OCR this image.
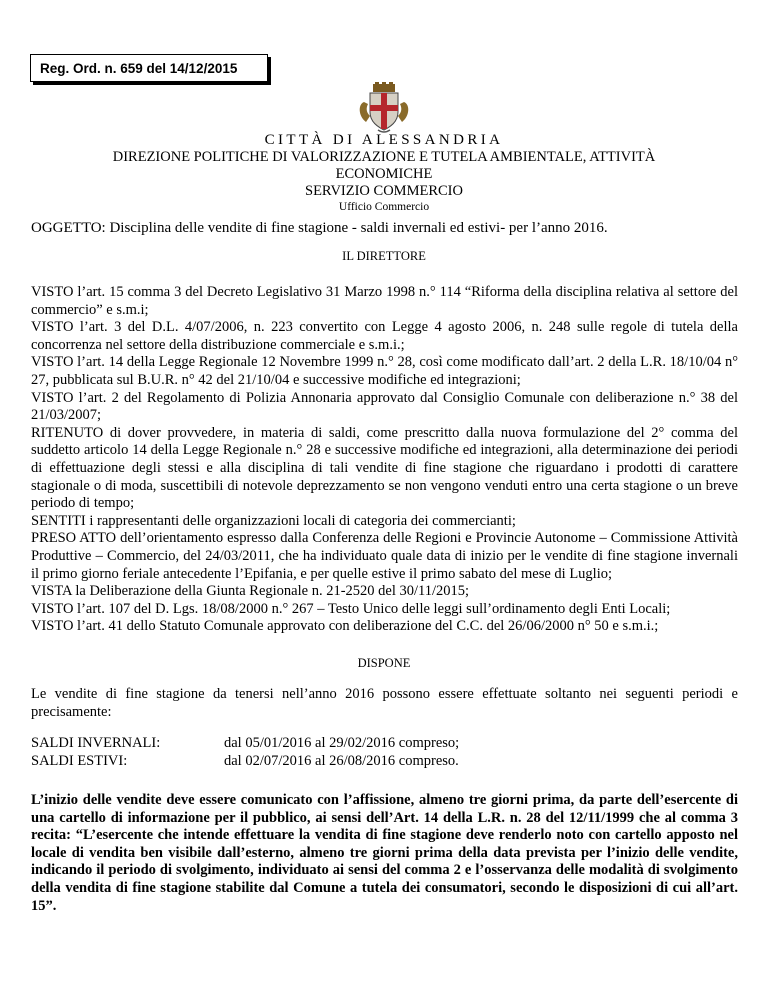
Reg. Ord. n. 659 del 14/12/2015
CITTÀ DI ALESSANDRIA
DIREZIONE POLITICHE DI VALORIZZAZIONE E TUTELA AMBIENTALE, ATTIVITÀ
ECONOMICHE
SERVIZIO COMMERCIO
Ufficio Commercio
OGGETTO: Disciplina delle vendite di fine stagione - saldi invernali ed estivi- per l’anno 2016.
IL DIRETTORE

VISTO l’art. 15 comma 3 del Decreto Legislativo 31 Marzo 1998 n.° 114 “Riforma della disciplina relativa al settore del commercio” e s.m.i;

VISTO l’art. 3 del D.L. 4/07/2006, n. 223 convertito con Legge 4 agosto 2006, n. 248 sulle regole di tutela della concorrenza nel settore della distribuzione commerciale e s.m.i.;

VISTO l’art. 14 della Legge Regionale 12 Novembre 1999 n.° 28, così come modificato dall’art. 2 della L.R. 18/10/04 n° 27, pubblicata sul B.U.R. n° 42 del 21/10/04 e successive modifiche ed integrazioni;

VISTO l’art. 2 del Regolamento di Polizia Annonaria approvato dal Consiglio Comunale con deliberazione n.° 38 del 21/03/2007;

RITENUTO di dover provvedere, in materia di saldi, come prescritto dalla nuova formulazione del 2° comma del suddetto articolo 14 della Legge Regionale n.° 28 e successive modifiche ed integrazioni, alla determinazione dei periodi di effettuazione degli stessi e alla disciplina di tali vendite di fine stagione che riguardano i prodotti di carattere stagionale o di moda, suscettibili di notevole deprezzamento se non vengono venduti entro una certa stagione o un breve periodo di tempo;

SENTITI i rappresentanti delle organizzazioni locali di categoria dei commercianti;

PRESO ATTO dell’orientamento espresso dalla Conferenza delle Regioni e Provincie Autonome – Commissione Attività Produttive – Commercio, del 24/03/2011, che ha individuato quale data di inizio per le vendite di fine stagione invernali il primo giorno feriale antecedente l’Epifania, e per quelle estive il primo sabato del mese di Luglio;

VISTA la Deliberazione della Giunta Regionale n. 21-2520 del 30/11/2015;

VISTO l’art. 107 del D. Lgs. 18/08/2000 n.° 267 – Testo Unico delle leggi sull’ordinamento degli Enti Locali;

VISTO l’art. 41 dello Statuto Comunale approvato con deliberazione del C.C. del 26/06/2000 n° 50 e s.m.i.;

DISPONE
Le vendite di fine stagione da tenersi nell’anno 2016 possono essere effettuate soltanto nei seguenti periodi e precisamente:
SALDI INVERNALI:	dal 05/01/2016 al 29/02/2016 compreso;
SALDI ESTIVI:	dal 02/07/2016 al 26/08/2016 compreso.
L’inizio delle vendite deve essere comunicato con l’affissione, almeno tre giorni prima, da parte dell’esercente di una cartello di informazione per il pubblico, ai sensi dell’Art. 14 della L.R. n. 28 del 12/11/1999 che al comma 3 recita: “L’esercente che intende effettuare la vendita di fine stagione deve renderlo noto con cartello apposto nel locale di vendita ben visibile dall’esterno, almeno tre giorni prima della data prevista per l’inizio delle vendite, indicando il periodo di svolgimento, individuato ai sensi del comma 2 e l’osservanza delle modalità di svolgimento della vendita di fine stagione stabilite dal Comune a tutela dei consumatori, secondo le disposizioni di cui all’art. 15”.
